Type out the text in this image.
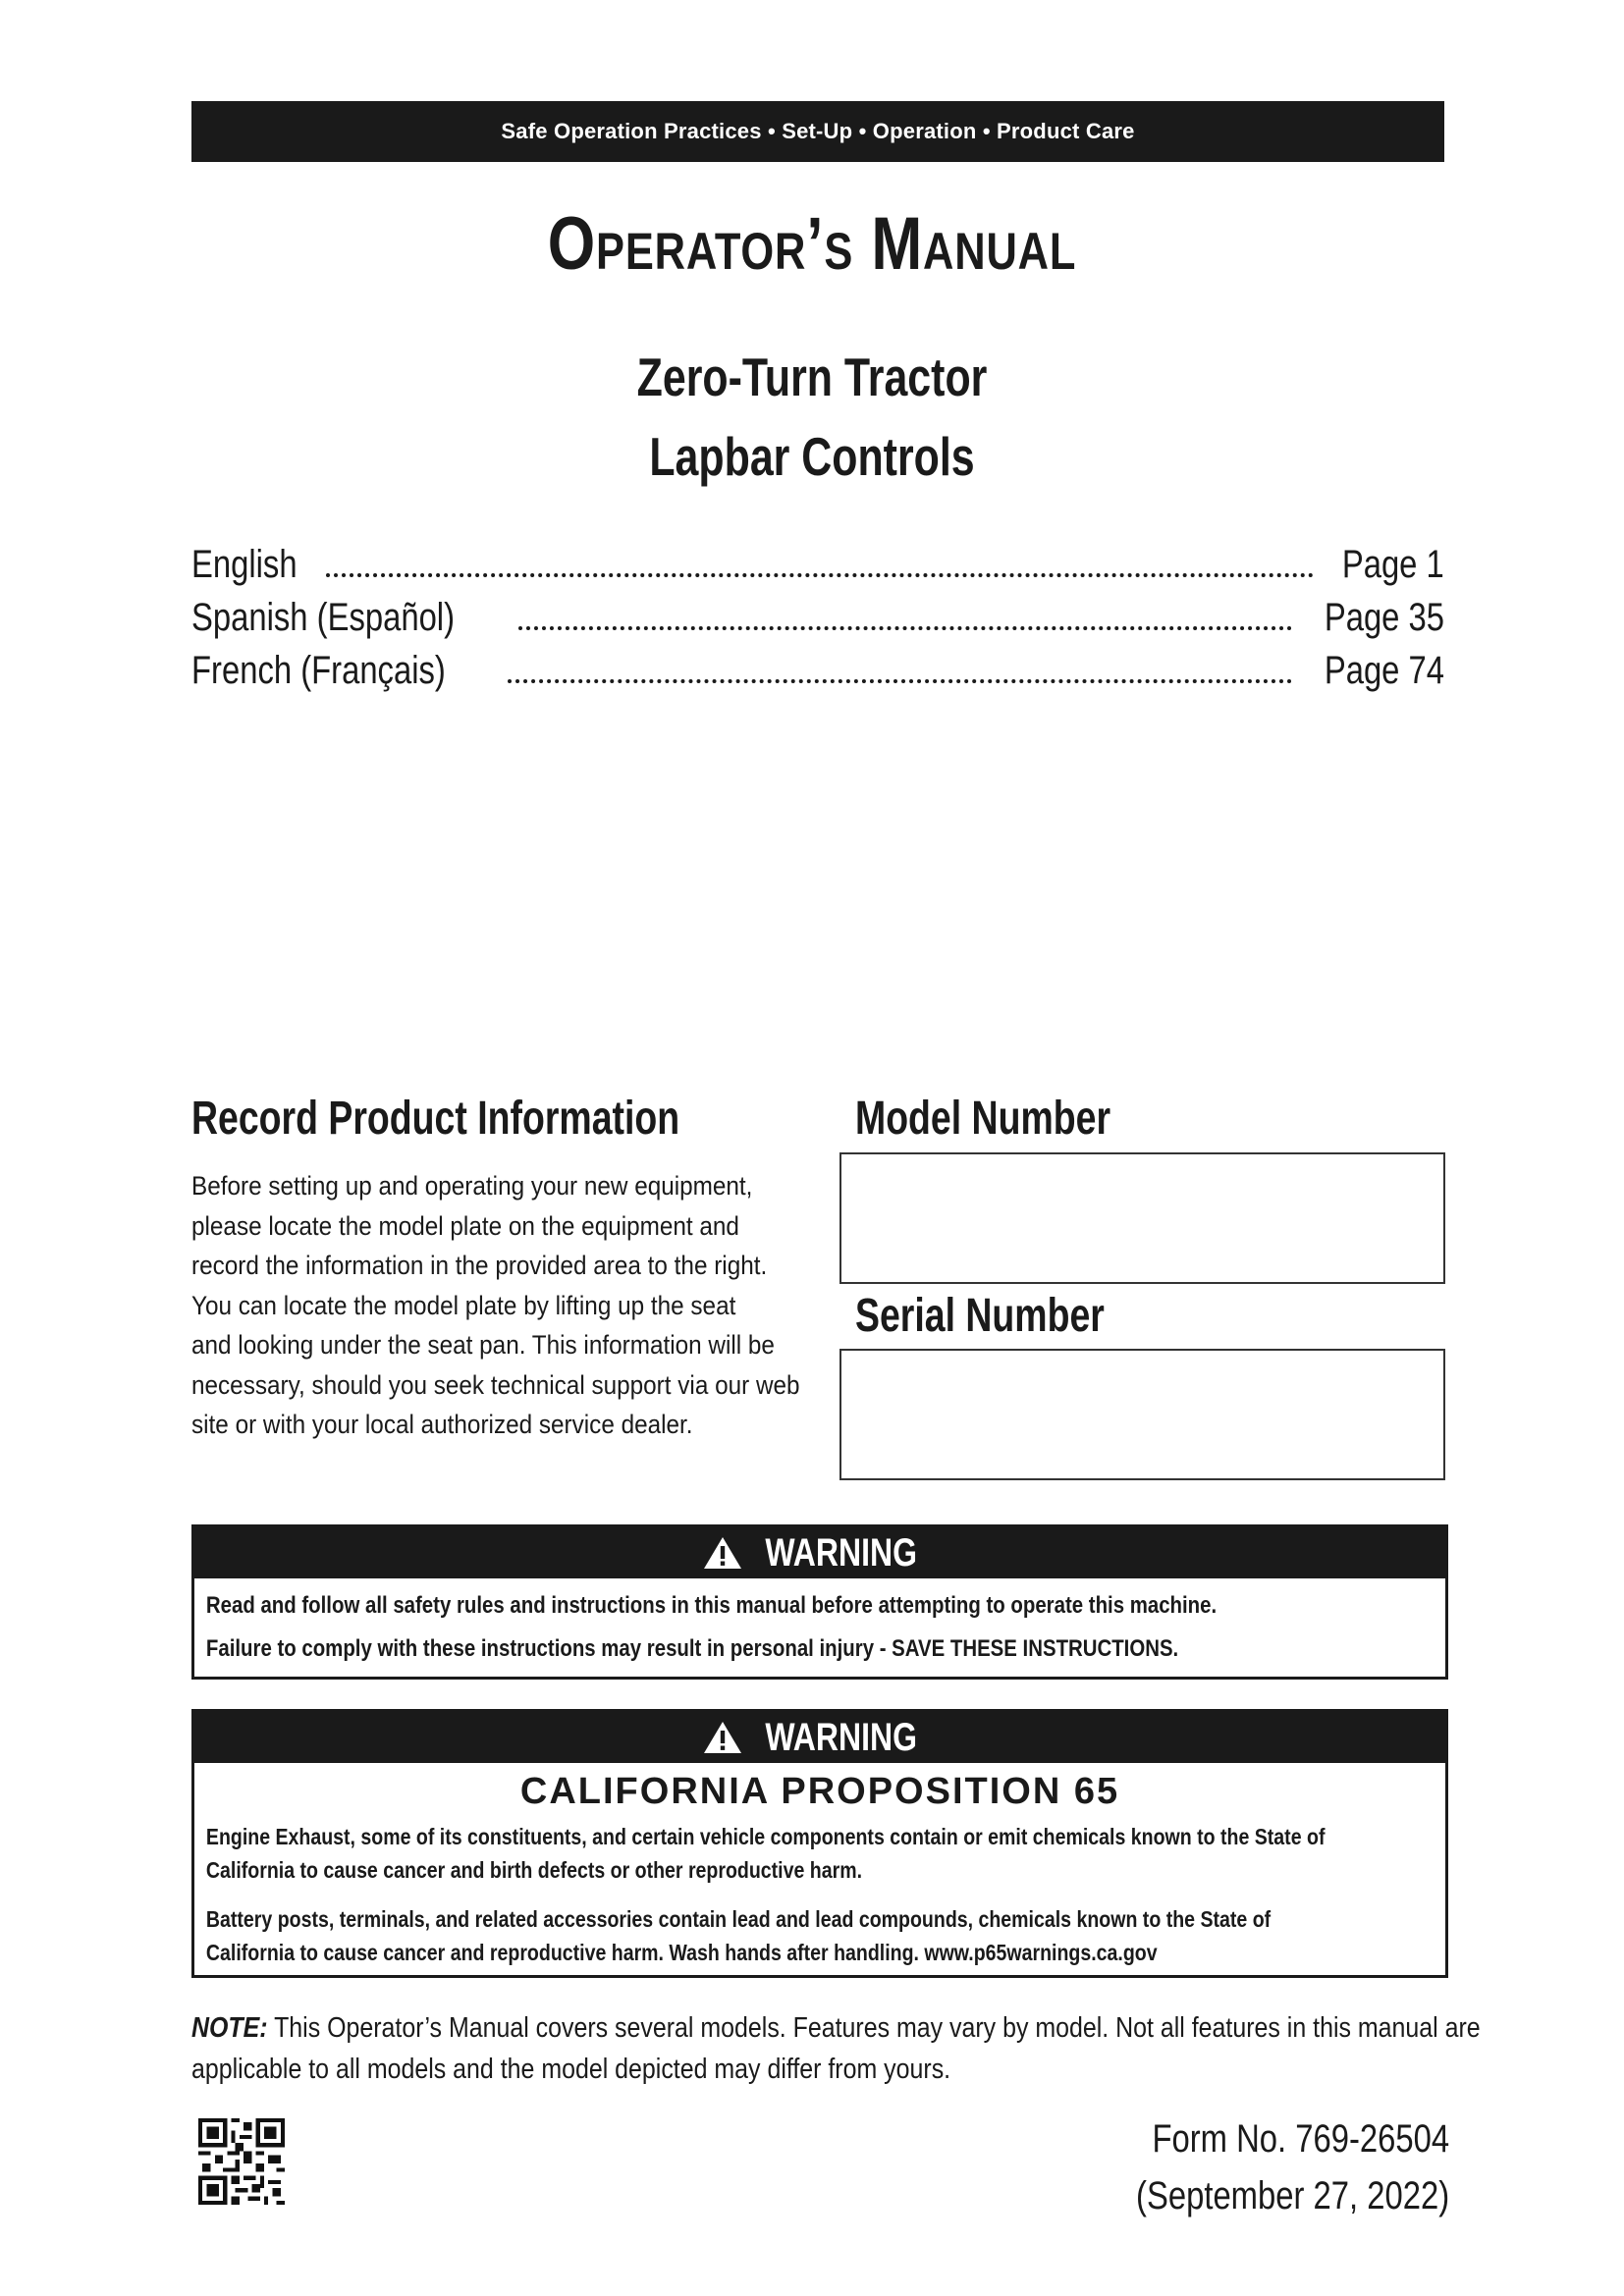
Safe Operation Practices • Set-Up • Operation • Product Care
Operator’s Manual
Zero-Turn Tractor
Lapbar Controls
English	Page 1
Spanish (Español)	Page 35
French (Français)	Page 74
Record Product Information
Before setting up and operating your new equipment,
please locate the model plate on the equipment and
record the information in the provided area to the right.
You can locate the model plate by lifting up the seat
and looking under the seat pan. This information will be
necessary, should you seek technical support via our web
site or with your local authorized service dealer.
Model Number
Serial Number
WARNING
Read and follow all safety rules and instructions in this manual before attempting to operate this machine.
Failure to comply with these instructions may result in personal injury - SAVE THESE INSTRUCTIONS.
WARNING
CALIFORNIA PROPOSITION 65
Engine Exhaust, some of its constituents, and certain vehicle components contain or emit chemicals known to the State of
California to cause cancer and birth defects or other reproductive harm.
Battery posts, terminals, and related accessories contain lead and lead compounds, chemicals known to the State of
California to cause cancer and reproductive harm. Wash hands after handling. www.p65warnings.ca.gov
NOTE: This Operator’s Manual covers several models. Features may vary by model. Not all features in this manual are
applicable to all models and the model depicted may differ from yours.
Form No. 769-26504
(September 27, 2022)
